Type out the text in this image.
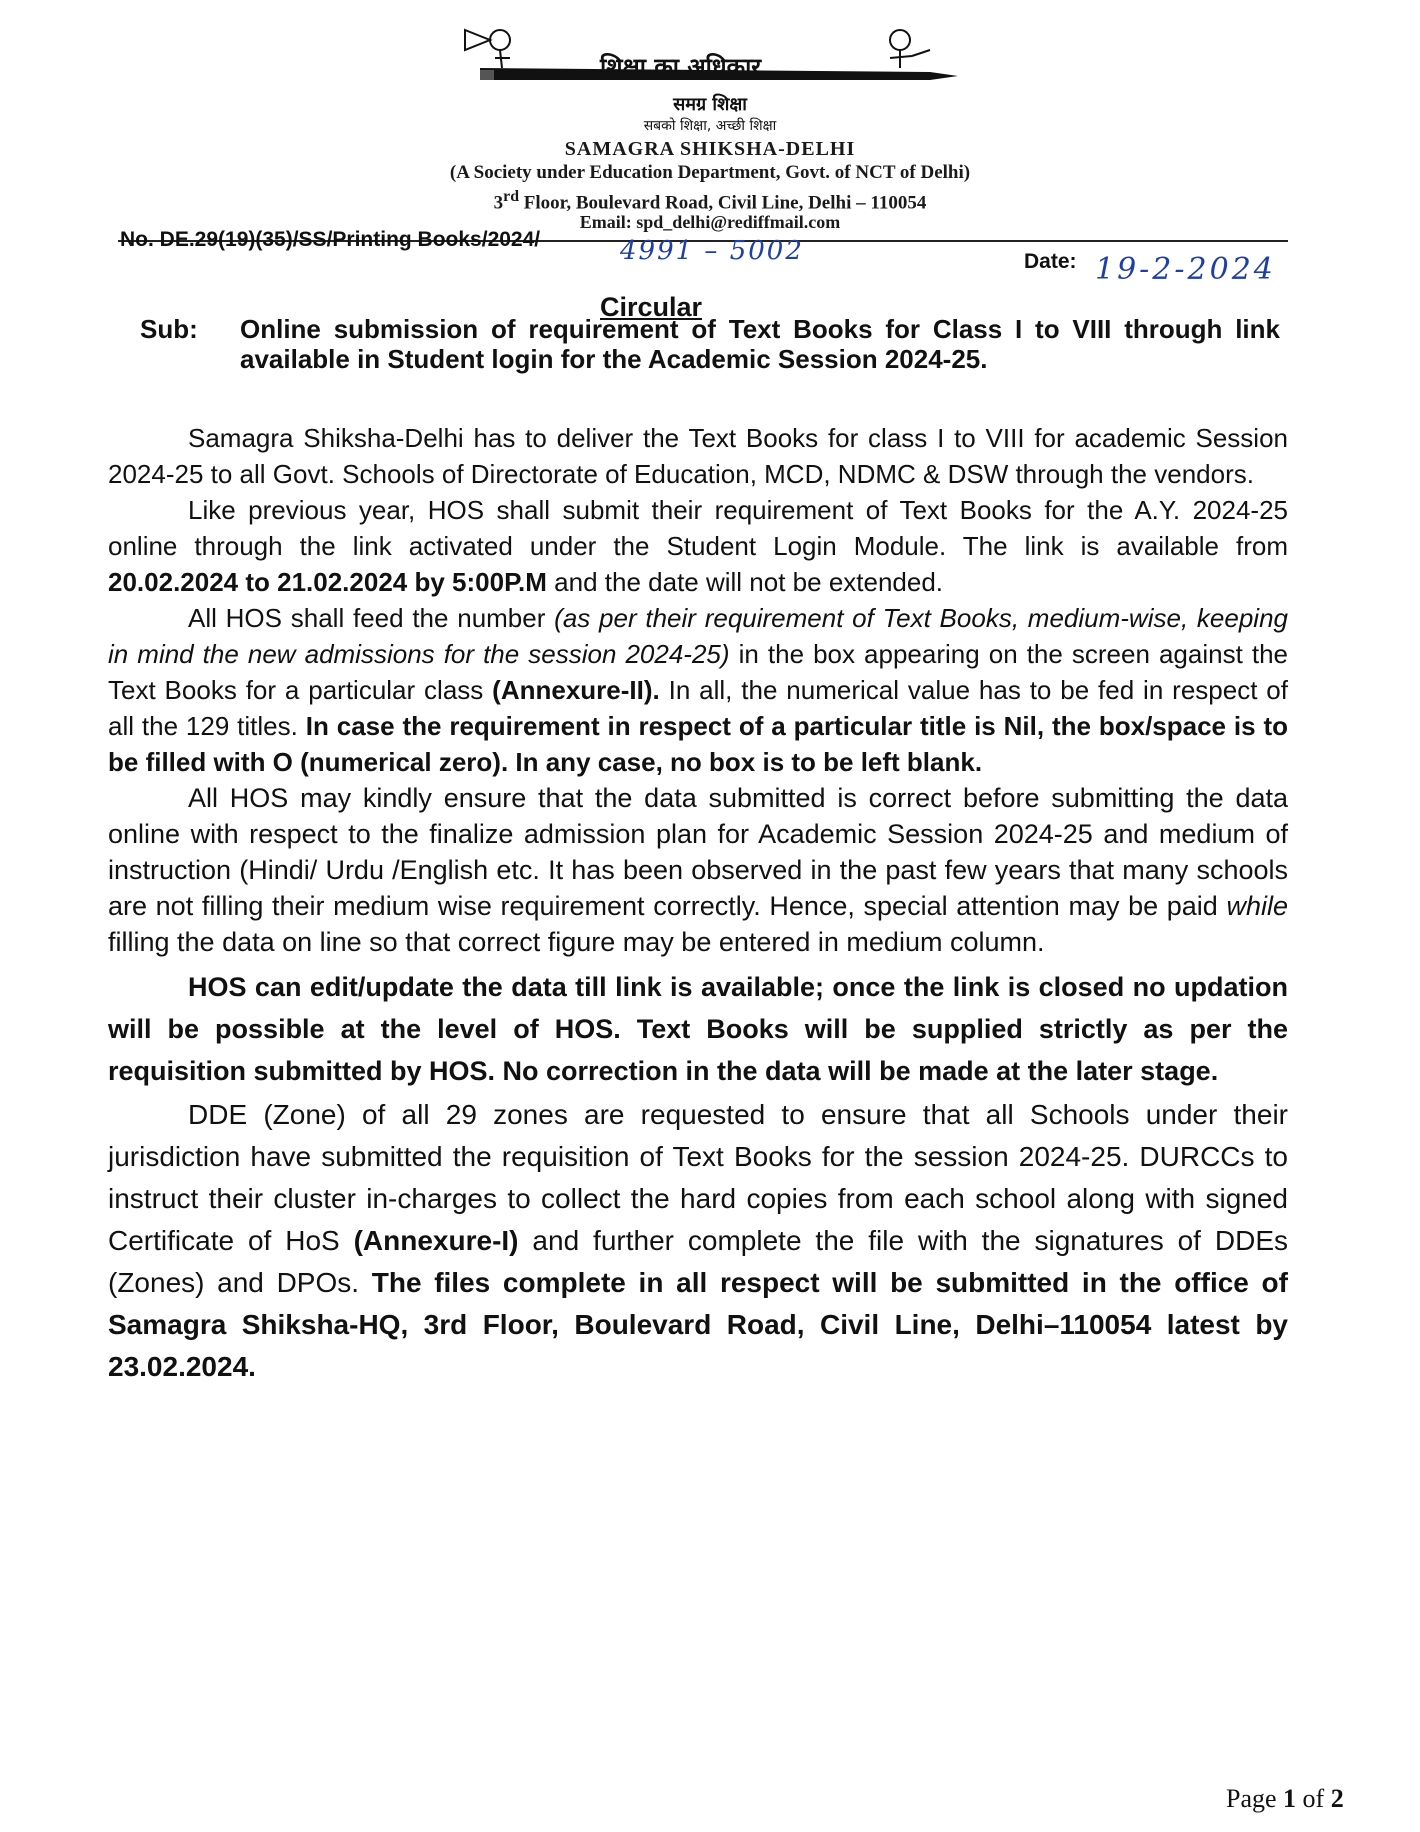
शिक्षा का अधिकार
समग्र शिक्षा
सबको शिक्षा, अच्छी शिक्षा
SAMAGRA SHIKSHA-DELHI
(A Society under Education Department, Govt. of NCT of Delhi)
3rd Floor, Boulevard Road, Civil Line, Delhi – 110054
Email: spd_delhi@rediffmail.com
No. DE.29(19)(35)/SS/Printing Books/2024/	4991 – 5002	Date: 19-2-2024
Circular
Sub: Online submission of requirement of Text Books for Class I to VIII through link available in Student login for the Academic Session 2024-25.

Samagra Shiksha-Delhi has to deliver the Text Books for class I to VIII for academic Session 2024-25 to all Govt. Schools of Directorate of Education, MCD, NDMC & DSW through the vendors.

Like previous year, HOS shall submit their requirement of Text Books for the A.Y. 2024-25 online through the link activated under the Student Login Module. The link is available from 20.02.2024 to 21.02.2024 by 5:00P.M and the date will not be extended.

All HOS shall feed the number (as per their requirement of Text Books, medium-wise, keeping in mind the new admissions for the session 2024-25) in the box appearing on the screen against the Text Books for a particular class (Annexure-II). In all, the numerical value has to be fed in respect of all the 129 titles. In case the requirement in respect of a particular title is Nil, the box/space is to be filled with O (numerical zero). In any case, no box is to be left blank.

All HOS may kindly ensure that the data submitted is correct before submitting the data online with respect to the finalize admission plan for Academic Session 2024-25 and medium of instruction (Hindi/ Urdu /English etc. It has been observed in the past few years that many schools are not filling their medium wise requirement correctly. Hence, special attention may be paid while filling the data on line so that correct figure may be entered in medium column.

HOS can edit/update the data till link is available; once the link is closed no updation will be possible at the level of HOS. Text Books will be supplied strictly as per the requisition submitted by HOS. No correction in the data will be made at the later stage.

DDE (Zone) of all 29 zones are requested to ensure that all Schools under their jurisdiction have submitted the requisition of Text Books for the session 2024-25. DURCCs to instruct their cluster in-charges to collect the hard copies from each school along with signed Certificate of HoS (Annexure-I) and further complete the file with the signatures of DDEs (Zones) and DPOs. The files complete in all respect will be submitted in the office of Samagra Shiksha-HQ, 3rd Floor, Boulevard Road, Civil Line, Delhi–110054 latest by 23.02.2024.

Page 1 of 2
